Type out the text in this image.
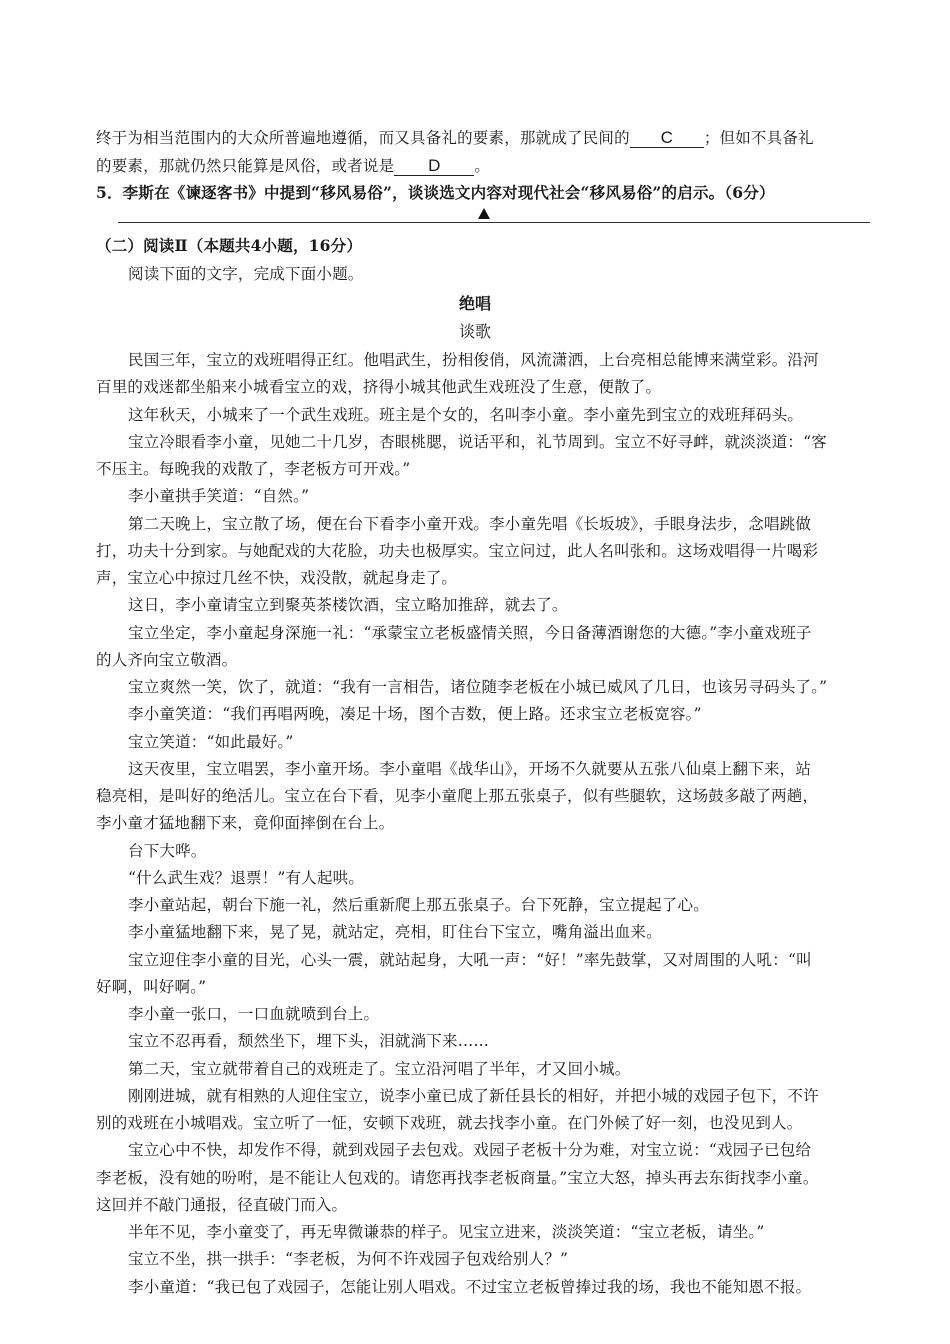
终于为相当范围内的大众所普遍地遵循，而又具备礼的要素，那就成了民间的 C ；但如不具备礼
的要素，那就仍然只能算是风俗，或者说是 D 。
5．李斯在《谏逐客书》中提到“移风易俗”，谈谈选文内容对现代社会“移风易俗”的启示。（6分）
（二）阅读Ⅱ（本题共4小题，16分）
阅读下面的文字，完成下面小题。
绝唱
谈歌
民国三年，宝立的戏班唱得正红。他唱武生，扮相俊俏，风流潇洒，上台亮相总能博来满堂彩。沿河
百里的戏迷都坐船来小城看宝立的戏，挤得小城其他武生戏班没了生意，便散了。
这年秋天，小城来了一个武生戏班。班主是个女的，名叫李小童。李小童先到宝立的戏班拜码头。
宝立冷眼看李小童，见她二十几岁，杏眼桃腮，说话平和，礼节周到。宝立不好寻衅，就淡淡道：“客
不压主。每晚我的戏散了，李老板方可开戏。”
李小童拱手笑道：“自然。”
第二天晚上，宝立散了场，便在台下看李小童开戏。李小童先唱《长坂坡》，手眼身法步，念唱跳做
打，功夫十分到家。与她配戏的大花脸，功夫也极厚实。宝立问过，此人名叫张和。这场戏唱得一片喝彩
声，宝立心中掠过几丝不快，戏没散，就起身走了。
这日，李小童请宝立到聚英茶楼饮酒，宝立略加推辞，就去了。
宝立坐定，李小童起身深施一礼：“承蒙宝立老板盛情关照，今日备薄酒谢您的大德。”李小童戏班子
的人齐向宝立敬酒。
宝立爽然一笑，饮了，就道：“我有一言相告，诸位随李老板在小城已威风了几日，也该另寻码头了。”
李小童笑道：“我们再唱两晚，凑足十场，图个吉数，便上路。还求宝立老板宽容。”
宝立笑道：“如此最好。”
这天夜里，宝立唱罢，李小童开场。李小童唱《战华山》，开场不久就要从五张八仙桌上翻下来，站
稳亮相，是叫好的绝活儿。宝立在台下看，见李小童爬上那五张桌子，似有些腿软，这场鼓多敲了两趟，
李小童才猛地翻下来，竟仰面摔倒在台上。
台下大哗。
“什么武生戏？退票！”有人起哄。
李小童站起，朝台下施一礼，然后重新爬上那五张桌子。台下死静，宝立提起了心。
李小童猛地翻下来，晃了晃，就站定，亮相，盯住台下宝立，嘴角溢出血来。
宝立迎住李小童的目光，心头一震，就站起身，大吼一声：“好！”率先鼓掌，又对周围的人吼：“叫
好啊，叫好啊。”
李小童一张口，一口血就喷到台上。
宝立不忍再看，颓然坐下，埋下头，泪就淌下来……
第二天，宝立就带着自己的戏班走了。宝立沿河唱了半年，才又回小城。
刚刚进城，就有相熟的人迎住宝立，说李小童已成了新任县长的相好，并把小城的戏园子包下，不许
别的戏班在小城唱戏。宝立听了一怔，安顿下戏班，就去找李小童。在门外候了好一刻，也没见到人。
宝立心中不快，却发作不得，就到戏园子去包戏。戏园子老板十分为难，对宝立说：“戏园子已包给
李老板，没有她的吩咐，是不能让人包戏的。请您再找李老板商量。”宝立大怒，掉头再去东街找李小童。
这回并不敲门通报，径直破门而入。
半年不见，李小童变了，再无卑微谦恭的样子。见宝立进来，淡淡笑道：“宝立老板，请坐。”
宝立不坐，拱一拱手：“李老板，为何不许戏园子包戏给别人？”
李小童道：“我已包了戏园子，怎能让别人唱戏。不过宝立老板曾捧过我的场，我也不能知恩不报。
